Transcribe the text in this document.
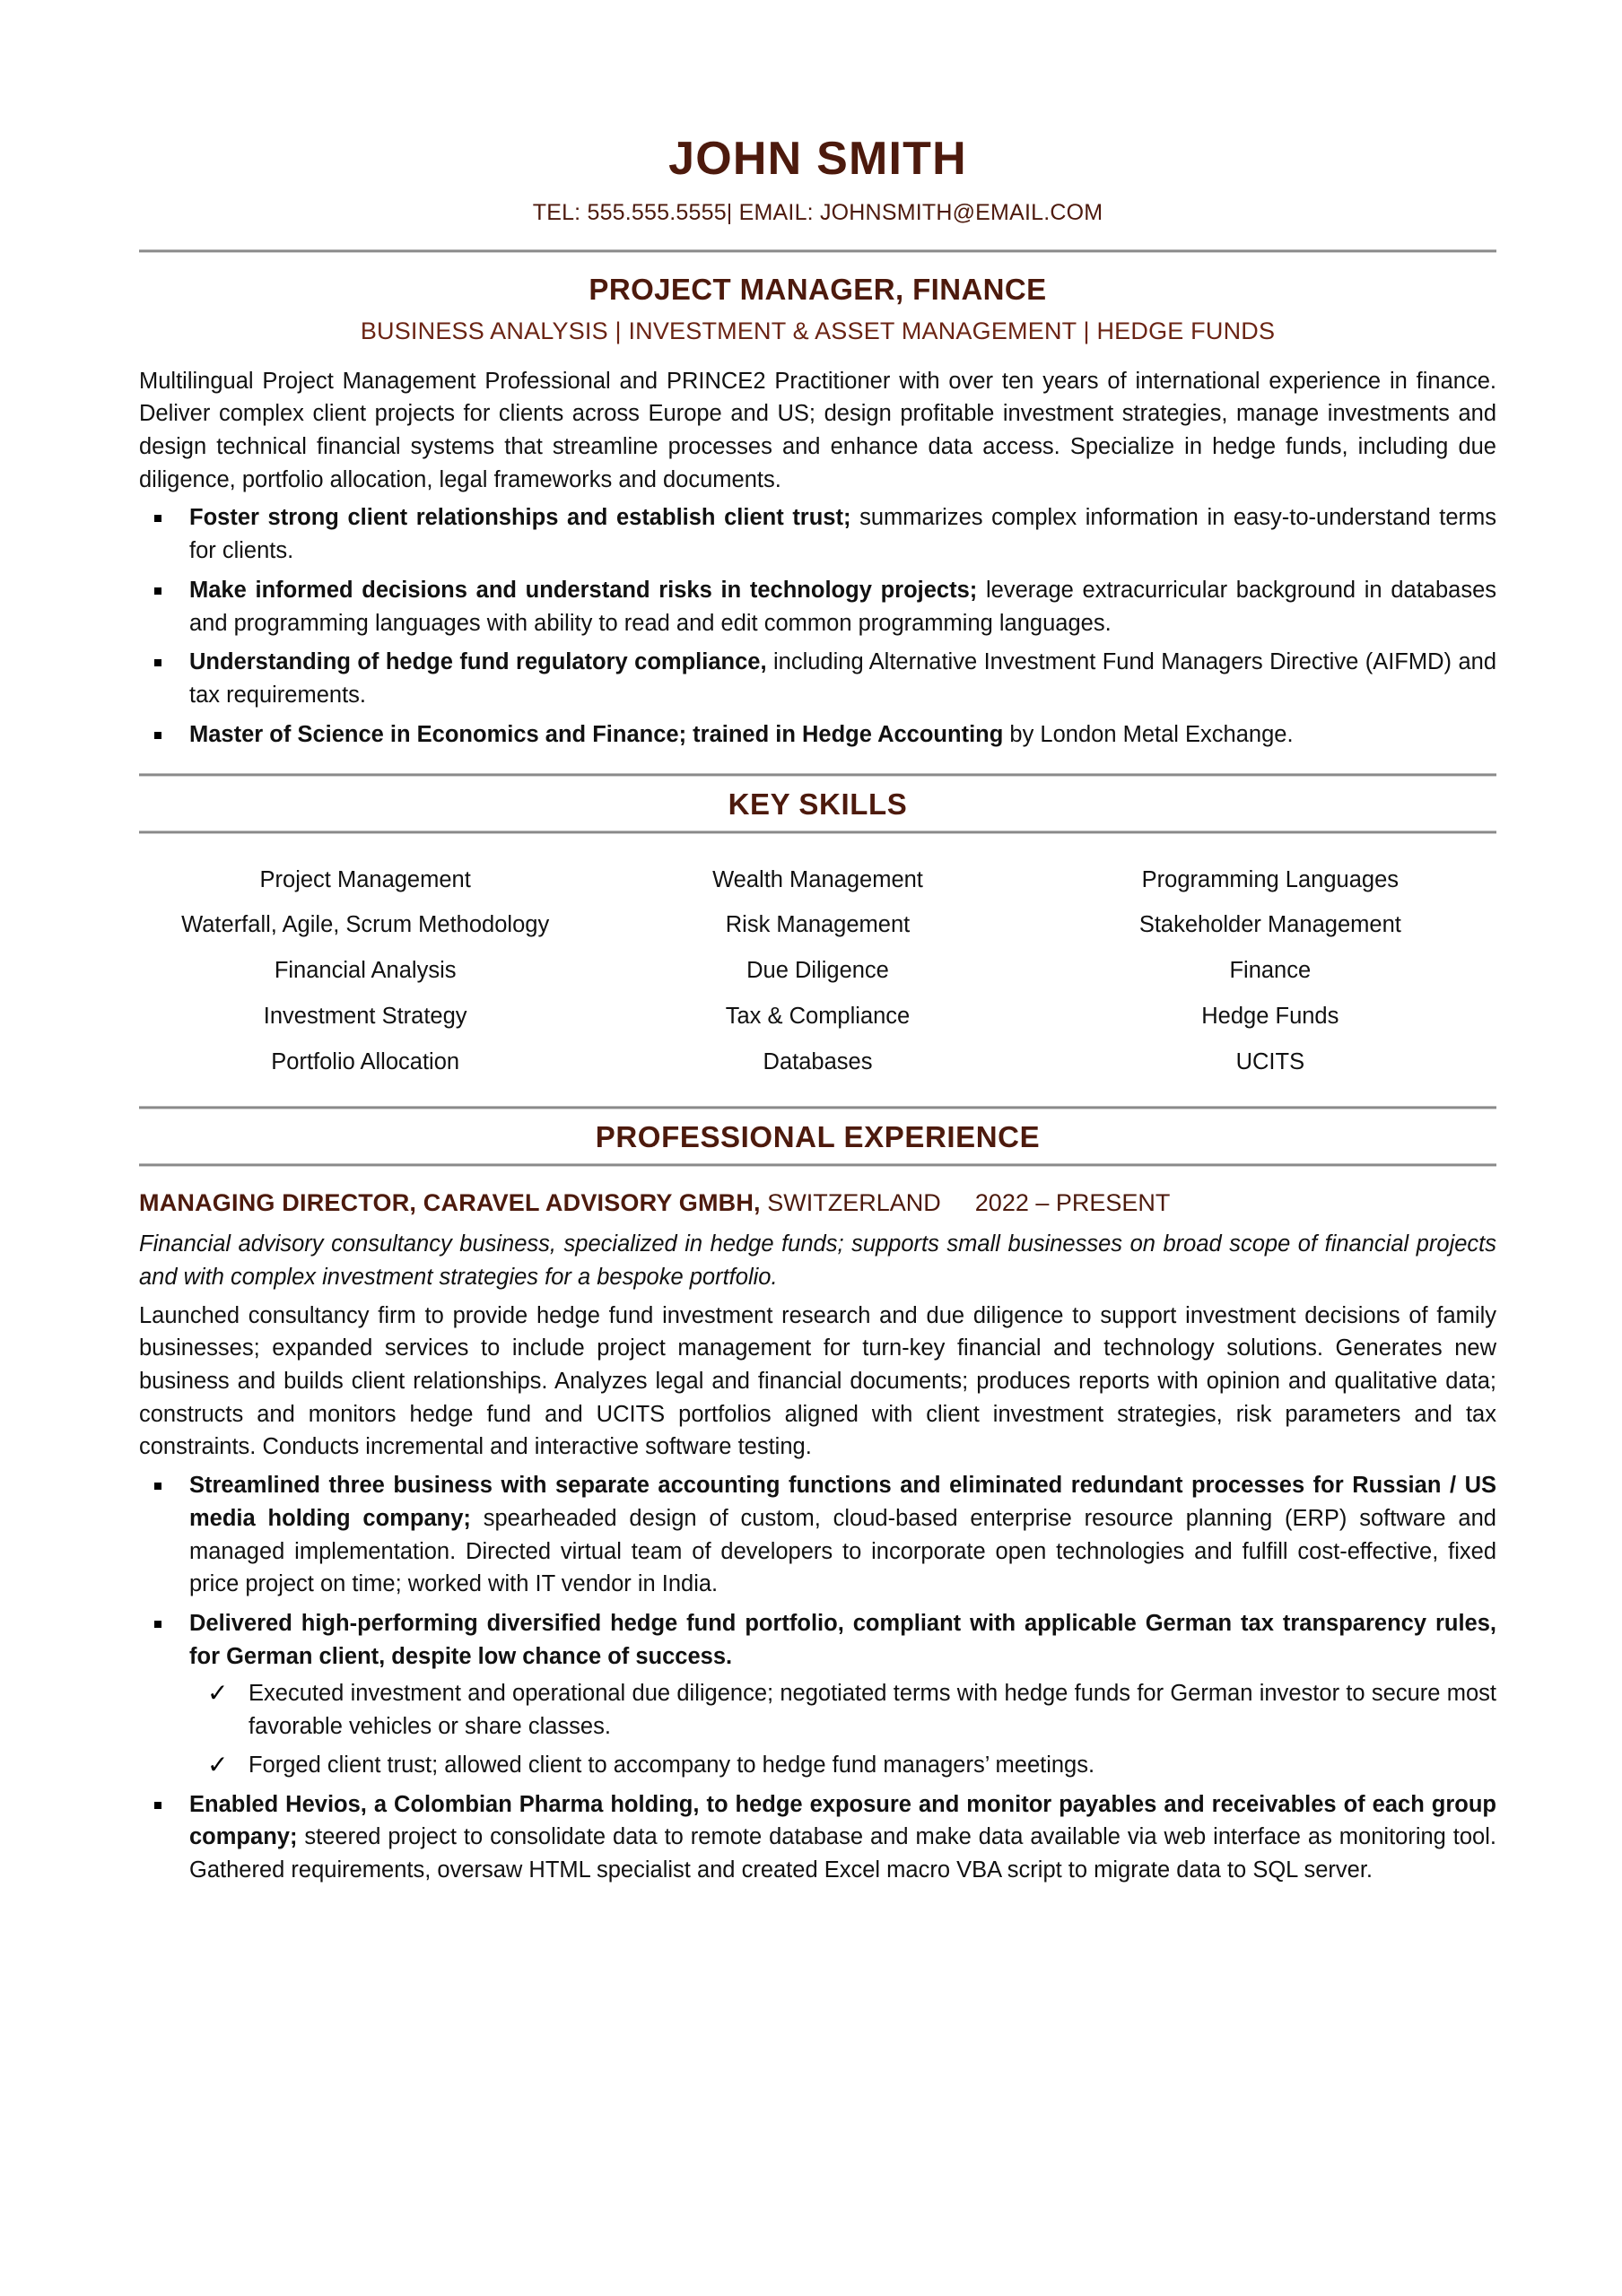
JOHN SMITH
TEL: 555.555.5555| EMAIL: JOHNSMITH@EMAIL.COM
PROJECT MANAGER, FINANCE
BUSINESS ANALYSIS | INVESTMENT & ASSET MANAGEMENT | HEDGE FUNDS

Multilingual Project Management Professional and PRINCE2 Practitioner with over ten years of international experience in finance. Deliver complex client projects for clients across Europe and US; design profitable investment strategies, manage investments and design technical financial systems that streamline processes and enhance data access. Specialize in hedge funds, including due diligence, portfolio allocation, legal frameworks and documents.

Foster strong client relationships and establish client trust; summarizes complex information in easy-to-understand terms for clients.
Make informed decisions and understand risks in technology projects; leverage extracurricular background in databases and programming languages with ability to read and edit common programming languages.
Understanding of hedge fund regulatory compliance, including Alternative Investment Fund Managers Directive (AIFMD) and tax requirements.
Master of Science in Economics and Finance; trained in Hedge Accounting by London Metal Exchange.
KEY SKILLS
Project Management	Wealth Management	Programming Languages
Waterfall, Agile, Scrum Methodology	Risk Management	Stakeholder Management
Financial Analysis	Due Diligence	Finance
Investment Strategy	Tax & Compliance	Hedge Funds
Portfolio Allocation	Databases	UCITS
PROFESSIONAL EXPERIENCE
MANAGING DIRECTOR, CARAVEL ADVISORY GMBH, SWITZERLAND 2022 – PRESENT

Financial advisory consultancy business, specialized in hedge funds; supports small businesses on broad scope of financial projects and with complex investment strategies for a bespoke portfolio.

Launched consultancy firm to provide hedge fund investment research and due diligence to support investment decisions of family businesses; expanded services to include project management for turn-key financial and technology solutions. Generates new business and builds client relationships. Analyzes legal and financial documents; produces reports with opinion and qualitative data; constructs and monitors hedge fund and UCITS portfolios aligned with client investment strategies, risk parameters and tax constraints. Conducts incremental and interactive software testing.

Streamlined three business with separate accounting functions and eliminated redundant processes for Russian / US media holding company; spearheaded design of custom, cloud-based enterprise resource planning (ERP) software and managed implementation. Directed virtual team of developers to incorporate open technologies and fulfill cost-effective, fixed price project on time; worked with IT vendor in India.
Delivered high-performing diversified hedge fund portfolio, compliant with applicable German tax transparency rules, for German client, despite low chance of success.
✓ Executed investment and operational due diligence; negotiated terms with hedge funds for German investor to secure most favorable vehicles or share classes.
✓ Forged client trust; allowed client to accompany to hedge fund managers’ meetings.
Enabled Hevios, a Colombian Pharma holding, to hedge exposure and monitor payables and receivables of each group company; steered project to consolidate data to remote database and make data available via web interface as monitoring tool. Gathered requirements, oversaw HTML specialist and created Excel macro VBA script to migrate data to SQL server.
